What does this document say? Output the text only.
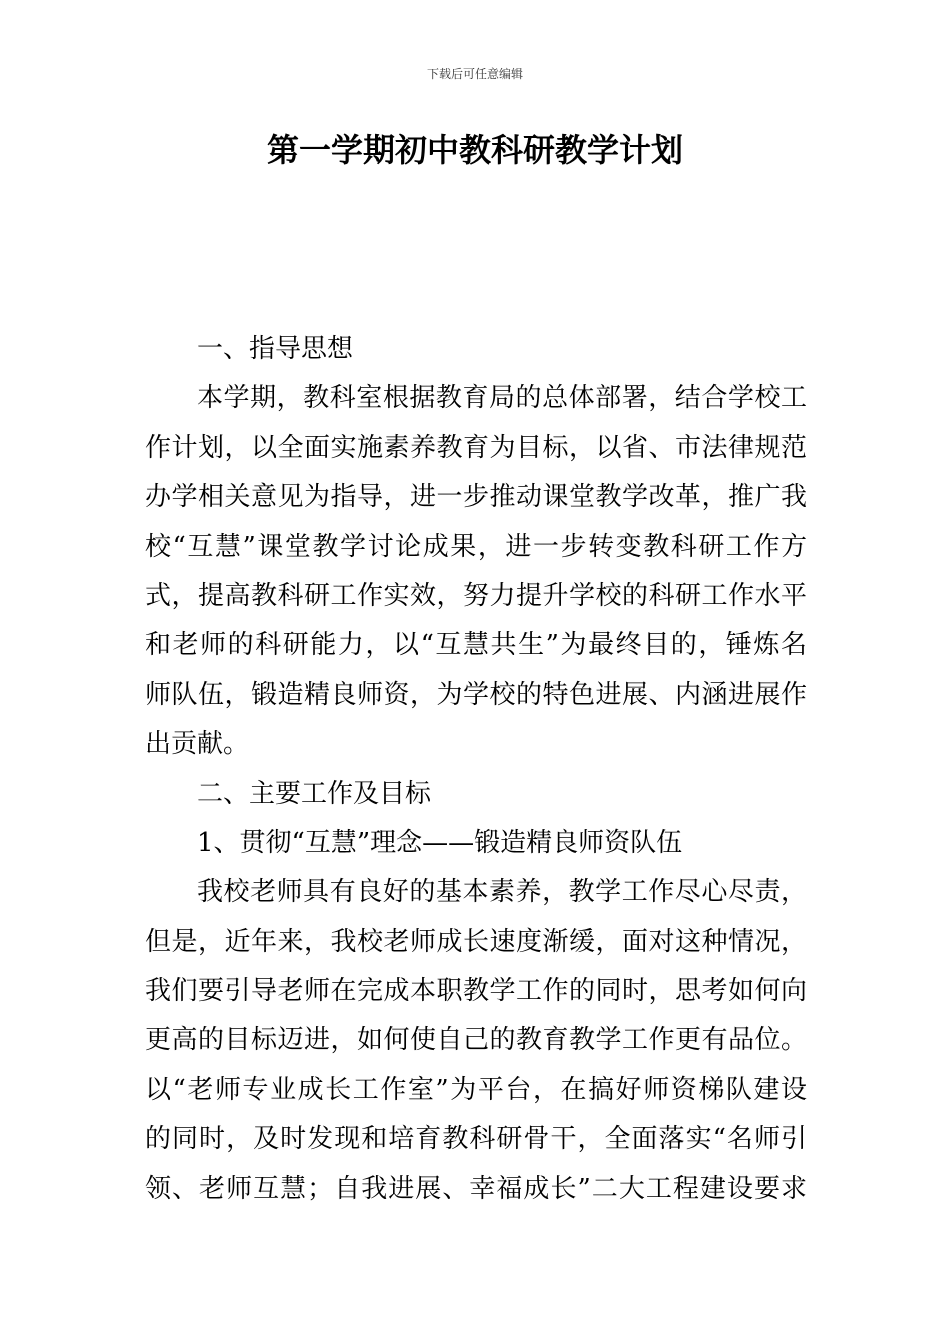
下载后可任意编辑
第一学期初中教科研教学计划
一、指导思想
本学期，教科室根据教育局的总体部署，结合学校工
作计划，以全面实施素养教育为目标，以省、市法律规范
办学相关意见为指导，进一步推动课堂教学改革，推广我
校“互慧”课堂教学讨论成果，进一步转变教科研工作方
式，提高教科研工作实效，努力提升学校的科研工作水平
和老师的科研能力，以“互慧共生”为最终目的，锤炼名
师队伍，锻造精良师资，为学校的特色进展、内涵进展作
出贡献。
二、主要工作及目标
1、贯彻“互慧”理念——锻造精良师资队伍
我校老师具有良好的基本素养，教学工作尽心尽责，
但是，近年来，我校老师成长速度渐缓，面对这种情况，
我们要引导老师在完成本职教学工作的同时，思考如何向
更高的目标迈进，如何使自己的教育教学工作更有品位。
以“老师专业成长工作室”为平台，在搞好师资梯队建设
的同时，及时发现和培育教科研骨干，全面落实“名师引
领、老师互慧；自我进展、幸福成长”二大工程建设要求
